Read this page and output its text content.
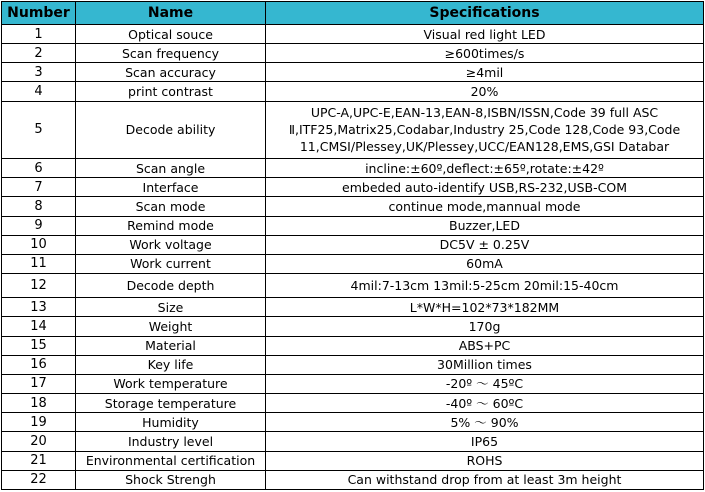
Number	Name	Specifications
1	Optical souce	Visual red light LED
2	Scan frequency	≥600times/s
3	Scan accuracy	≥4mil
4	print contrast	20%
5	Decode ability	UPC-A,UPC-E,EAN-13,EAN-8,ISBN/ISSN,Code 39 full ASC Ⅱ,ITF25,Matrix25,Codabar,Industry 25,Code 128,Code 93,Code 11,CMSI/Plessey,UK/Plessey,UCC/EAN128,EMS,GSI Databar
6	Scan angle	incline:±60º,deflect:±65º,rotate:±42º
7	Interface	embeded auto-identify USB,RS-232,USB-COM
8	Scan mode	continue mode,mannual mode
9	Remind mode	Buzzer,LED
10	Work voltage	DC5V ± 0.25V
11	Work current	60mA
12	Decode depth	4mil:7-13cm 13mil:5-25cm 20mil:15-40cm
13	Size	L*W*H=102*73*182MM
14	Weight	170g
15	Material	ABS+PC
16	Key life	30Million times
17	Work temperature	-20º ～ 45ºC
18	Storage temperature	-40º ～ 60ºC
19	Humidity	5% ～ 90%
20	Industry level	IP65
21	Environmental certification	ROHS
22	Shock Strengh	Can withstand drop from at least 3m height
